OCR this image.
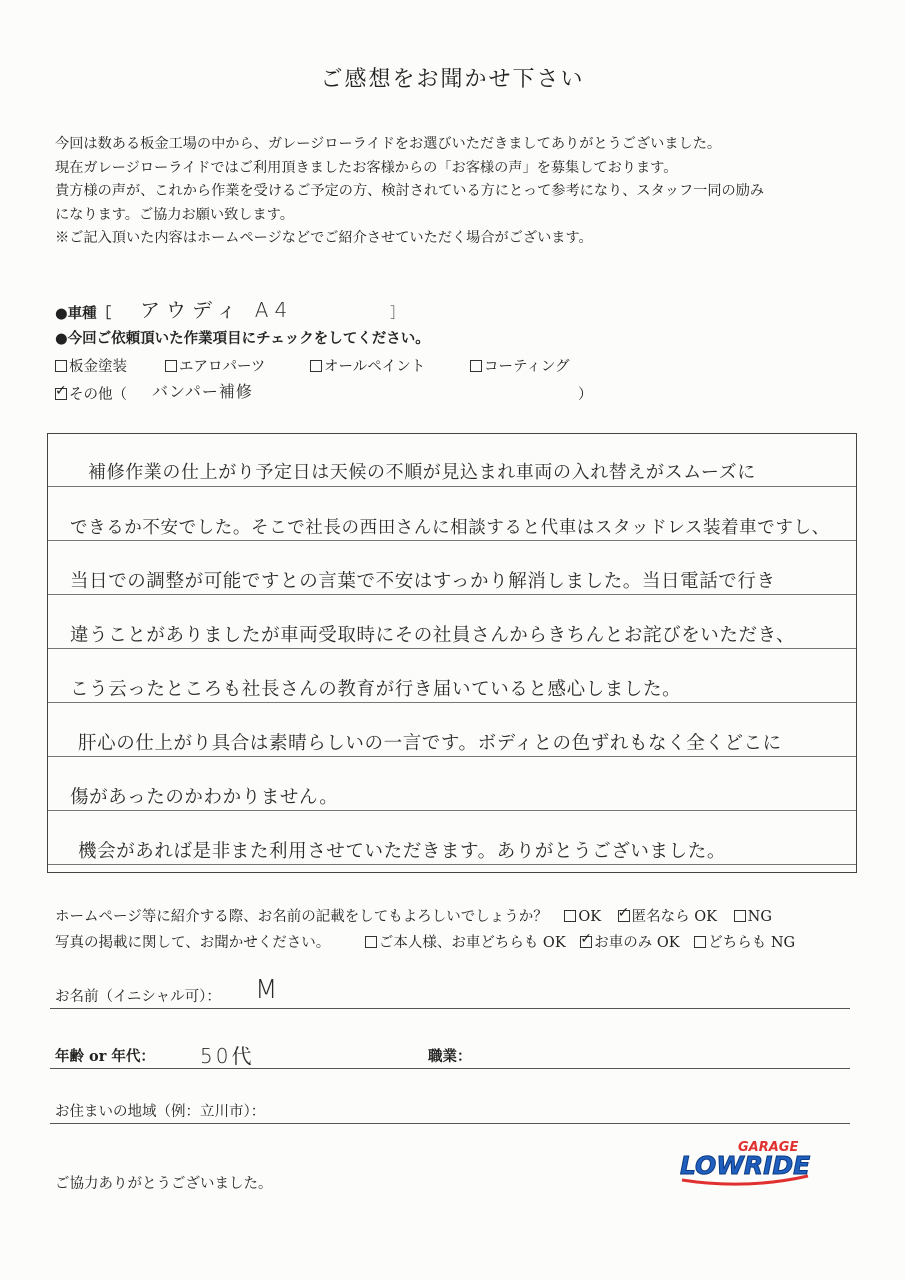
ご感想をお聞かせ下さい

今回は数ある板金工場の中から、ガレージローライドをお選びいただきましてありがとうございました。

現在ガレージローライドではご利用頂きましたお客様からの「お客様の声」を募集しております。

貴方様の声が、これから作業を受けるご予定の方、検討されている方にとって参考になり、スタッフ一同の励み

になります。ご協力お願い致します。

※ご記入頂いた内容はホームページなどでご紹介させていただく場合がございます。

●車種［ アウディ A4	］
●今回ご依頼頂いた作業項目にチェックをしてください。
板金塗装	エアロパーツ	オールペイント	コーティング
✓その他（ バンパー補修	）
補修作業の仕上がり予定日は天候の不順が見込まれ車両の入れ替えがスムーズに
できるか不安でした。そこで社長の西田さんに相談すると代車はスタッドレス装着車ですし、
当日での調整が可能ですとの言葉で不安はすっかり解消しました。当日電話で行き
違うことがありましたが車両受取時にその社員さんからきちんとお詫びをいただき、
こう云ったところも社長さんの教育が行き届いていると感心しました。
肝心の仕上がり具合は素晴らしいの一言です。ボディとの色ずれもなく全くどこに
傷があったのかわかりません。
機会があれば是非また利用させていただきます。ありがとうございました。
ホームページ等に紹介する際、お名前の記載をしてもよろしいでしょうか？ OK ✓ 匿名なら OK NG
写真の掲載に関して、お聞かせください。	ご本人様、お車どちらも OK ✓ お車のみ OK どちらも NG
お名前（イニシャル可）： M
年齢 or 年代： 50代	職業：
お住まいの地域（例：立川市）：
ご協力ありがとうございました。
GARAGE
LOWRIDE
